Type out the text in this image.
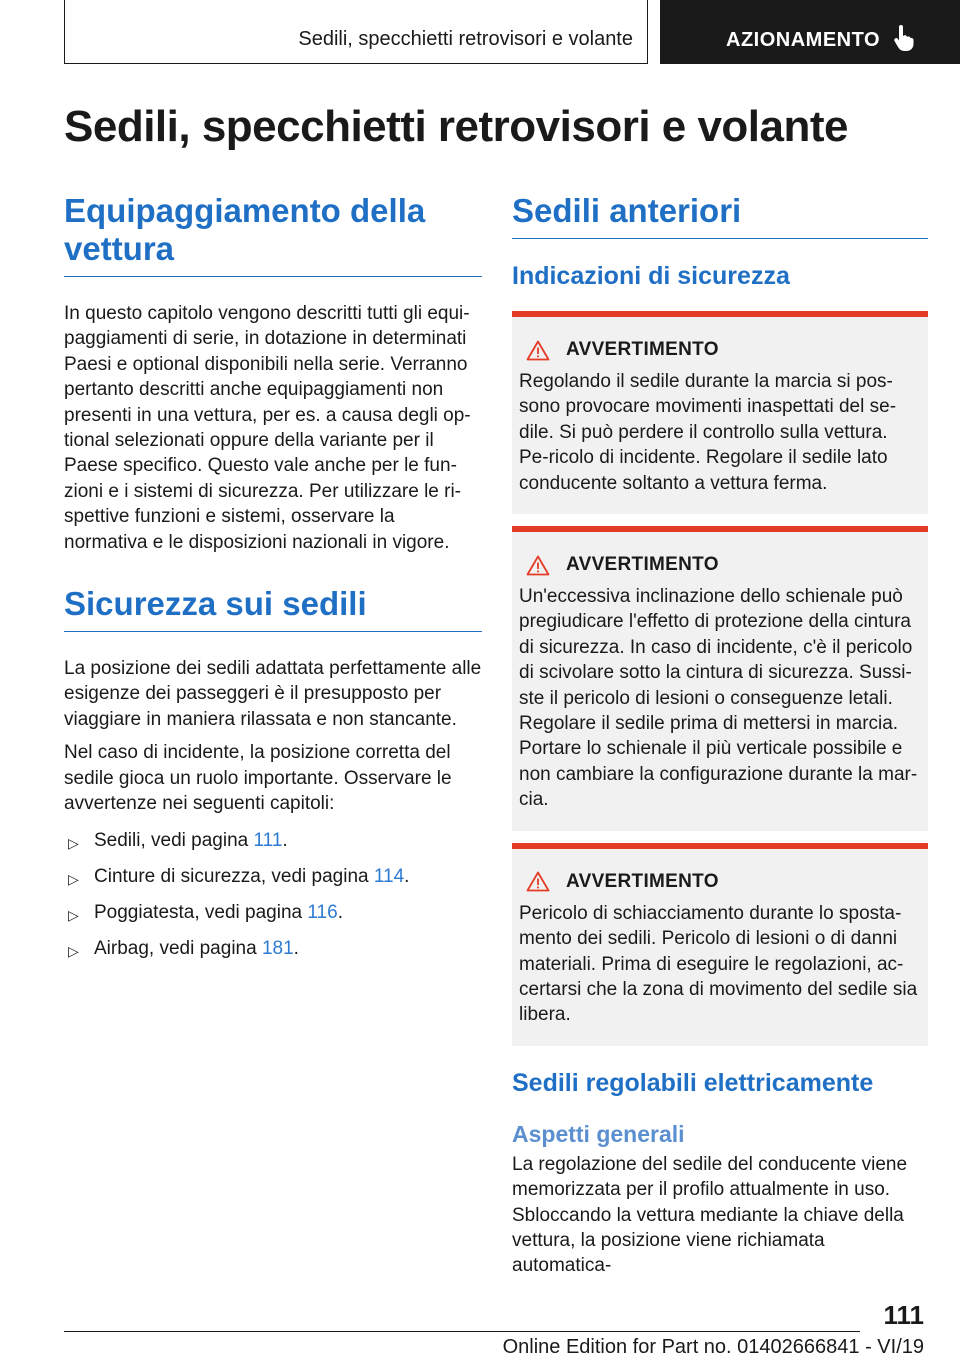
Sedili, specchietti retrovisori e volante	AZIONAMENTO
Sedili, specchietti retrovisori e volante
Equipaggiamento della vettura

In questo capitolo vengono descritti tutti gli equi-paggiamenti di serie, in dotazione in determinati Paesi e optional disponibili nella serie. Verranno pertanto descritti anche equipaggiamenti non presenti in una vettura, per es. a causa degli op-tional selezionati oppure della variante per il Paese specifico. Questo vale anche per le fun-zioni e i sistemi di sicurezza. Per utilizzare le ri-spettive funzioni e sistemi, osservare la normativa e le disposizioni nazionali in vigore.

Sicurezza sui sedili

La posizione dei sedili adattata perfettamente alle esigenze dei passeggeri è il presupposto per viaggiare in maniera rilassata e non stancante.

Nel caso di incidente, la posizione corretta del sedile gioca un ruolo importante. Osservare le avvertenze nei seguenti capitoli:

▷ Sedili, vedi pagina 111.
▷ Cinture di sicurezza, vedi pagina 114.
▷ Poggiatesta, vedi pagina 116.
▷ Airbag, vedi pagina 181.
Sedili anteriori
Indicazioni di sicurezza
AVVERTIMENTO

Regolando il sedile durante la marcia si pos-sono provocare movimenti inaspettati del se-dile. Si può perdere il controllo sulla vettura. Pe-ricolo di incidente. Regolare il sedile lato conducente soltanto a vettura ferma.

AVVERTIMENTO

Un'eccessiva inclinazione dello schienale può pregiudicare l'effetto di protezione della cintura di sicurezza. In caso di incidente, c'è il pericolo di scivolare sotto la cintura di sicurezza. Sussi-ste il pericolo di lesioni o conseguenze letali. Regolare il sedile prima di mettersi in marcia. Portare lo schienale il più verticale possibile e non cambiare la configurazione durante la mar-cia.

AVVERTIMENTO

Pericolo di schiacciamento durante lo sposta-mento dei sedili. Pericolo di lesioni o di danni materiali. Prima di eseguire le regolazioni, ac-certarsi che la zona di movimento del sedile sia libera.

Sedili regolabili elettricamente
Aspetti generali

La regolazione del sedile del conducente viene memorizzata per il profilo attualmente in uso. Sbloccando la vettura mediante la chiave della vettura, la posizione viene richiamata automatica-

111
Online Edition for Part no. 01402666841 - VI/19
